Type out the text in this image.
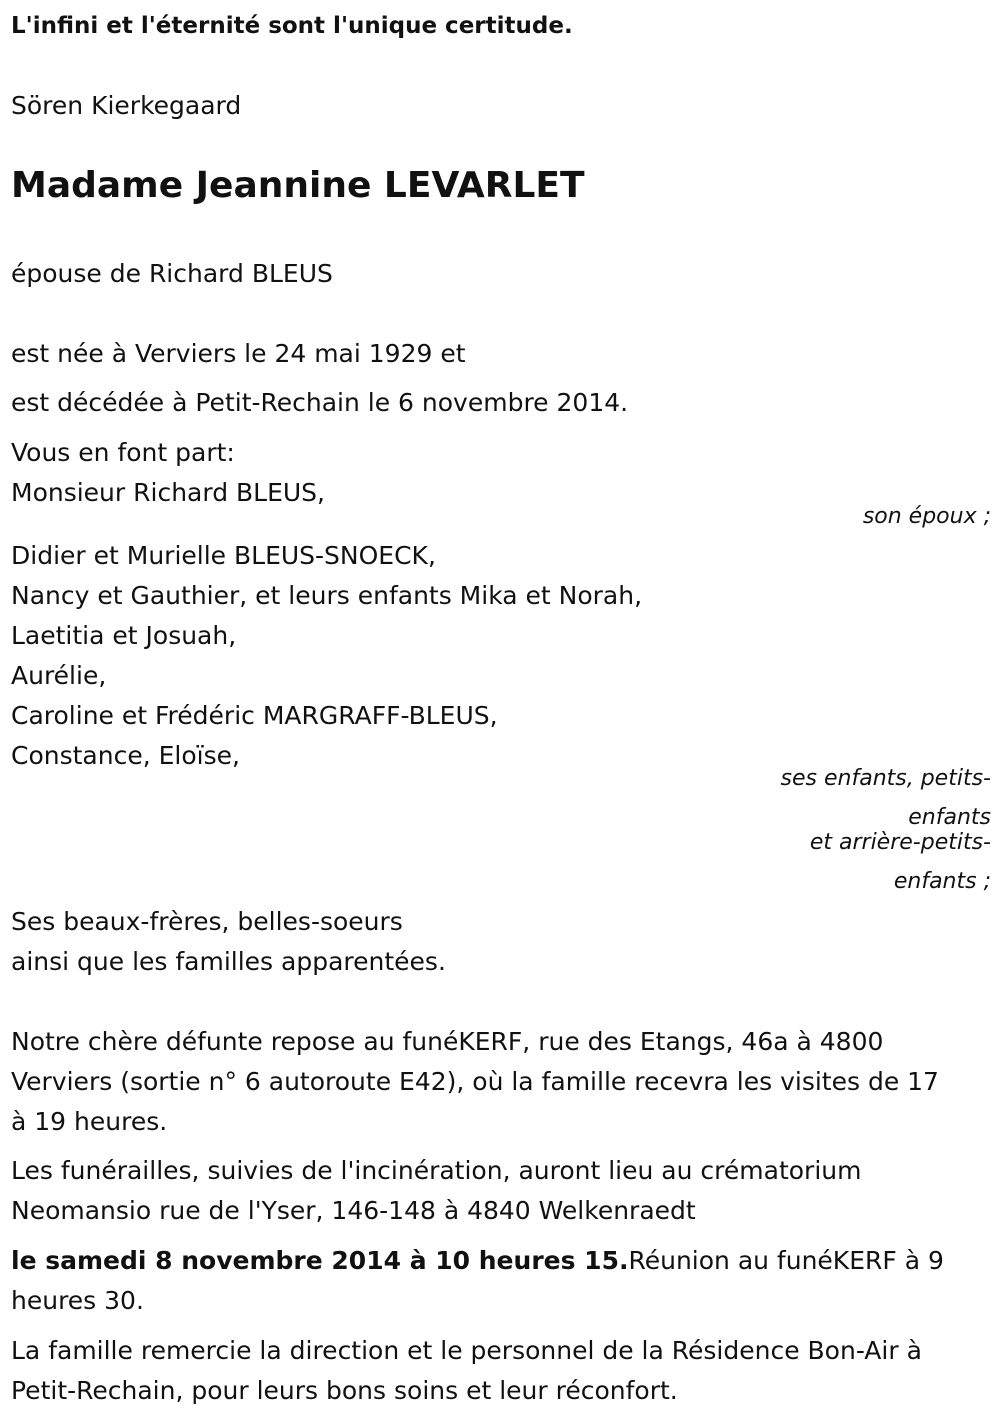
L'infini et l'éternité sont l'unique certitude.
Sören Kierkegaard
Madame Jeannine LEVARLET
épouse de Richard BLEUS
est née à Verviers le 24 mai 1929 et
est décédée à Petit-Rechain le 6 novembre 2014.
Vous en font part:
Monsieur Richard BLEUS,
son époux ;
Didier et Murielle BLEUS-SNOECK,
Nancy et Gauthier, et leurs enfants Mika et Norah,
Laetitia et Josuah,
Aurélie,
Caroline et Frédéric MARGRAFF-BLEUS,
Constance, Eloïse,
ses enfants, petits-
enfants
et arrière-petits-
enfants ;
Ses beaux-frères, belles-soeurs
ainsi que les familles apparentées.
Notre chère défunte repose au funéKERF, rue des Etangs, 46a à 4800
Verviers (sortie n° 6 autoroute E42), où la famille recevra les visites de 17
à 19 heures.
Les funérailles, suivies de l'incinération, auront lieu au crématorium
Neomansio rue de l'Yser, 146-148 à 4840 Welkenraedt
le samedi 8 novembre 2014 à 10 heures 15.Réunion au funéKERF à 9
heures 30.
La famille remercie la direction et le personnel de la Résidence Bon-Air à
Petit-Rechain, pour leurs bons soins et leur réconfort.
